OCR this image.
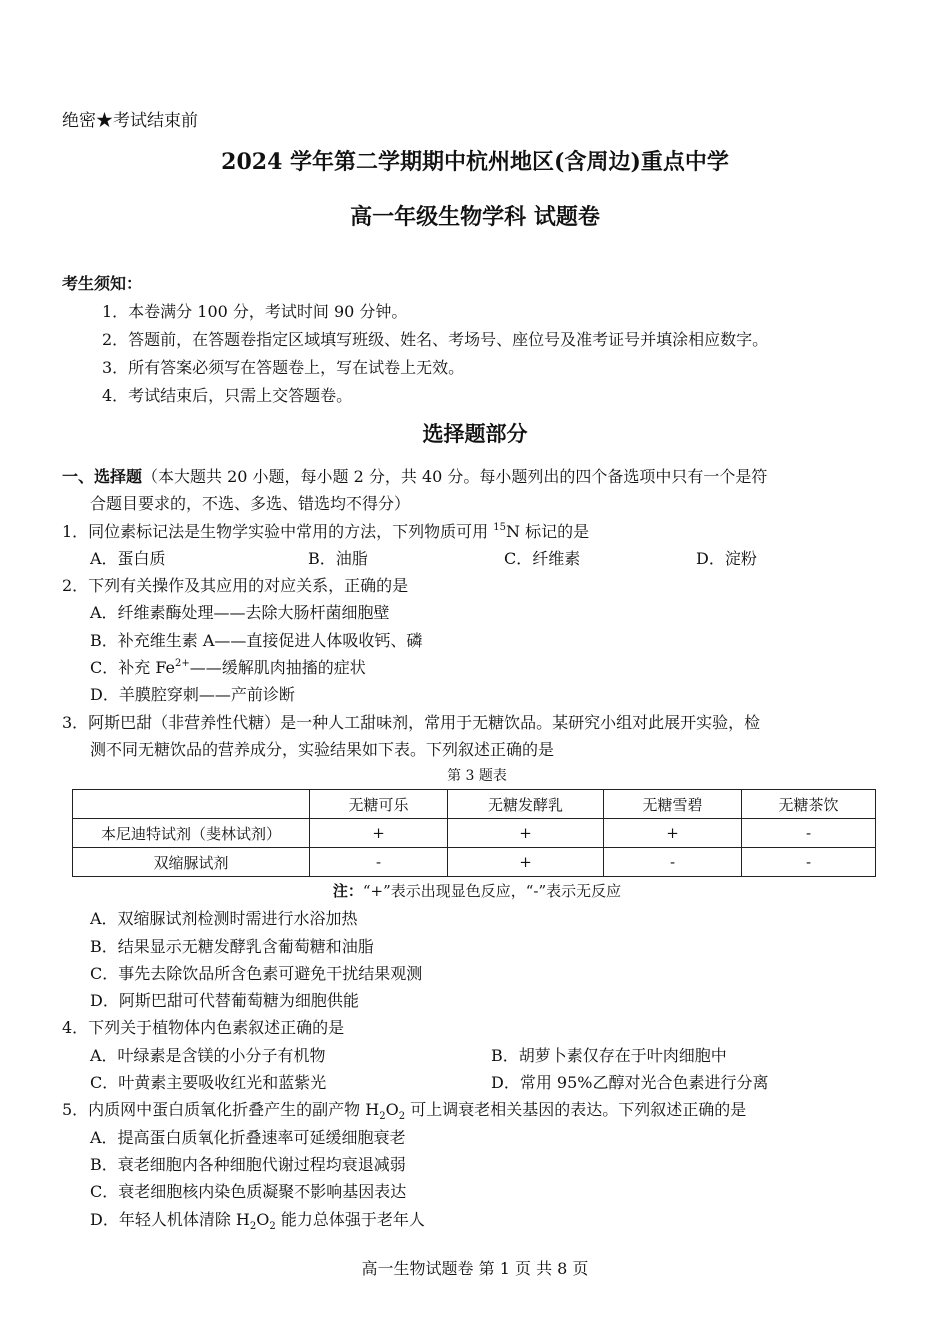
绝密★考试结束前
2024 学年第二学期期中杭州地区(含周边)重点中学
高一年级生物学科 试题卷
考生须知：
1．本卷满分 100 分，考试时间 90 分钟。
2．答题前，在答题卷指定区域填写班级、姓名、考场号、座位号及准考证号并填涂相应数字。
3．所有答案必须写在答题卷上，写在试卷上无效。
4．考试结束后，只需上交答题卷。
选择题部分
一、选择题（本大题共 20 小题，每小题 2 分，共 40 分。每小题列出的四个备选项中只有一个是符
合题目要求的，不选、多选、错选均不得分）
1．同位素标记法是生物学实验中常用的方法，下列物质可用 $^{15}$N 标记的是
A．蛋白质	B．油脂	C．纤维素	D．淀粉
2．下列有关操作及其应用的对应关系，正确的是
A．纤维素酶处理——去除大肠杆菌细胞壁
B．补充维生素 A——直接促进人体吸收钙、磷
C．补充 $Fe^{2+}——$缓解肌肉抽搐的症状
D．羊膜腔穿刺——产前诊断
3．阿斯巴甜（非营养性代糖）是一种人工甜味剂，常用于无糖饮品。某研究小组对此展开实验，检
测不同无糖饮品的营养成分，实验结果如下表。下列叙述正确的是
第 3 题表
	无糖可乐	无糖发酵乳	无糖雪碧	无糖茶饮
本尼迪特试剂（斐林试剂）	+	+	+	-
双缩脲试剂	-	+	-	-
注：“+”表示出现显色反应，“-”表示无反应
A．双缩脲试剂检测时需进行水浴加热
B．结果显示无糖发酵乳含葡萄糖和油脂
C．事先去除饮品所含色素可避免干扰结果观测
D．阿斯巴甜可代替葡萄糖为细胞供能
4．下列关于植物体内色素叙述正确的是
A．叶绿素是含镁的小分子有机物	B．胡萝卜素仅存在于叶肉细胞中
C．叶黄素主要吸收红光和蓝紫光	D．常用 95%乙醇对光合色素进行分离
5．内质网中蛋白质氧化折叠产生的副产物 $H_2O_2$ 可上调衰老相关基因的表达。下列叙述正确的是
A．提高蛋白质氧化折叠速率可延缓细胞衰老
B．衰老细胞内各种细胞代谢过程均衰退减弱
C．衰老细胞核内染色质凝聚不影响基因表达
D．年轻人机体清除 $H_2O_2$ 能力总体强于老年人
高一生物试题卷 第 1 页 共 8 页
